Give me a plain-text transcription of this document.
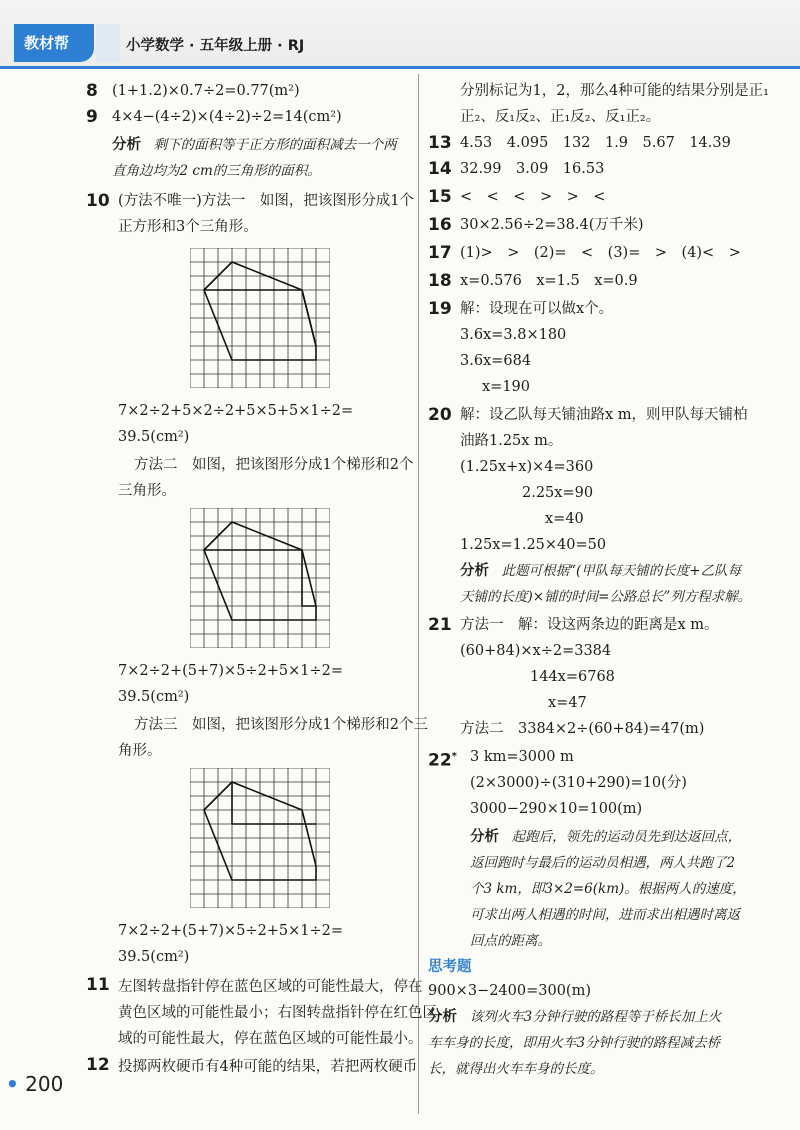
教材帮	小学数学 · 五年级上册 · RJ
8 (1+1.2)×0.7÷2=0.77(m²)
9 4×4−(4÷2)×(4÷2)÷2=14(cm²)
分析 剩下的面积等于正方形的面积减去一个两
直角边均为2 cm的三角形的面积。
10 (方法不唯一)方法一　如图，把该图形分成1个
正方形和3个三角形。
7×2÷2+5×2÷2+5×5+5×1÷2=
39.5(cm²)
方法二　如图，把该图形分成1个梯形和2个
三角形。
7×2÷2+(5+7)×5÷2+5×1÷2=
39.5(cm²)
方法三　如图，把该图形分成1个梯形和2个三
角形。
7×2÷2+(5+7)×5÷2+5×1÷2=
39.5(cm²)
11 左图转盘指针停在蓝色区域的可能性最大，停在
黄色区域的可能性最小；右图转盘指针停在红色区
域的可能性最大，停在蓝色区域的可能性最小。
12 投掷两枚硬币有4种可能的结果，若把两枚硬币
分别标记为1，2，那么4种可能的结果分别是正₁
正₂、反₁反₂、正₁反₂、反₁正₂。
13 4.53　4.095　132　1.9　5.67　14.39
14 32.99　3.09　16.53
15 <　<　<　>　>　<
16 30×2.56÷2=38.4(万千米)
17 (1)>　>　(2)=　<　(3)=　>　(4)<　>
18 x=0.576　x=1.5　x=0.9
19 解：设现在可以做x个。
3.6x=3.8×180
3.6x=684
x=190
20 解：设乙队每天铺油路x m，则甲队每天铺柏
油路1.25x m。
(1.25x+x)×4=360
2.25x=90
x=40
1.25x=1.25×40=50
分析 此题可根据“(甲队每天铺的长度+乙队每
天铺的长度)×铺的时间=公路总长”列方程求解。
21 方法一　解：设这两条边的距离是x m。
(60+84)×x÷2=3384
144x=6768
x=47
方法二　3384×2÷(60+84)=47(m)
22* 3 km=3000 m
(2×3000)÷(310+290)=10(分)
3000−290×10=100(m)
分析 起跑后，领先的运动员先到达返回点，
返回跑时与最后的运动员相遇，两人共跑了2
个3 km，即3×2=6(km)。根据两人的速度，
可求出两人相遇的时间，进而求出相遇时离返
回点的距离。
思考题
900×3−2400=300(m)
分析 该列火车3分钟行驶的路程等于桥长加上火
车车身的长度，即用火车3分钟行驶的路程减去桥
长，就得出火车车身的长度。
• 200
